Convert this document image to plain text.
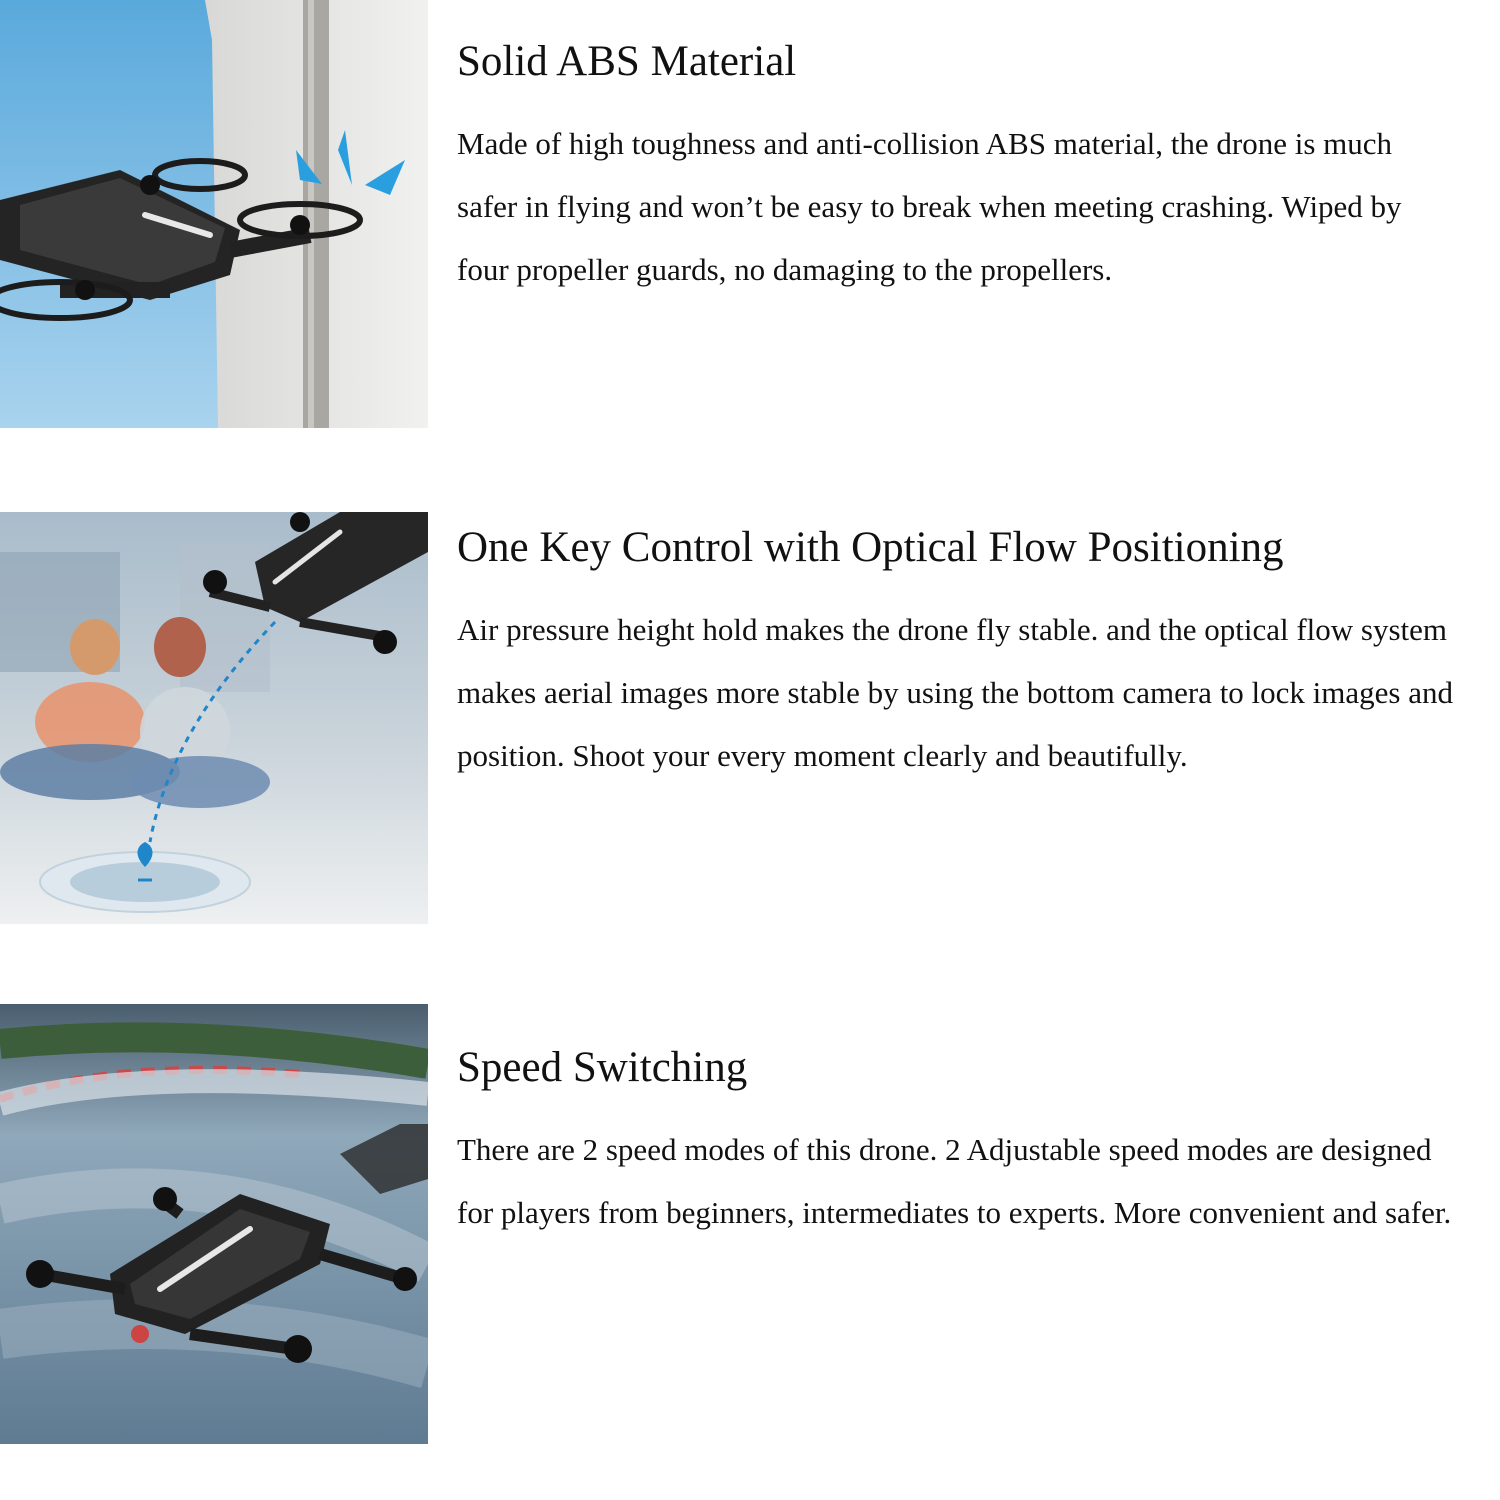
Solid ABS Material

Made of high toughness and anti-collision ABS material, the drone is much safer in flying and won’t be easy to break when meeting crashing. Wiped by four propeller guards, no damaging to the propellers.

One Key Control with Optical Flow Positioning

Air pressure height hold makes the drone fly stable. and the optical flow system makes aerial images more stable by using the bottom camera to lock images and position. Shoot your every moment clearly and beautifully.

Speed Switching

There are 2 speed modes of this drone. 2 Adjustable speed modes are designed for players from beginners, intermediates to experts. More convenient and safer.
